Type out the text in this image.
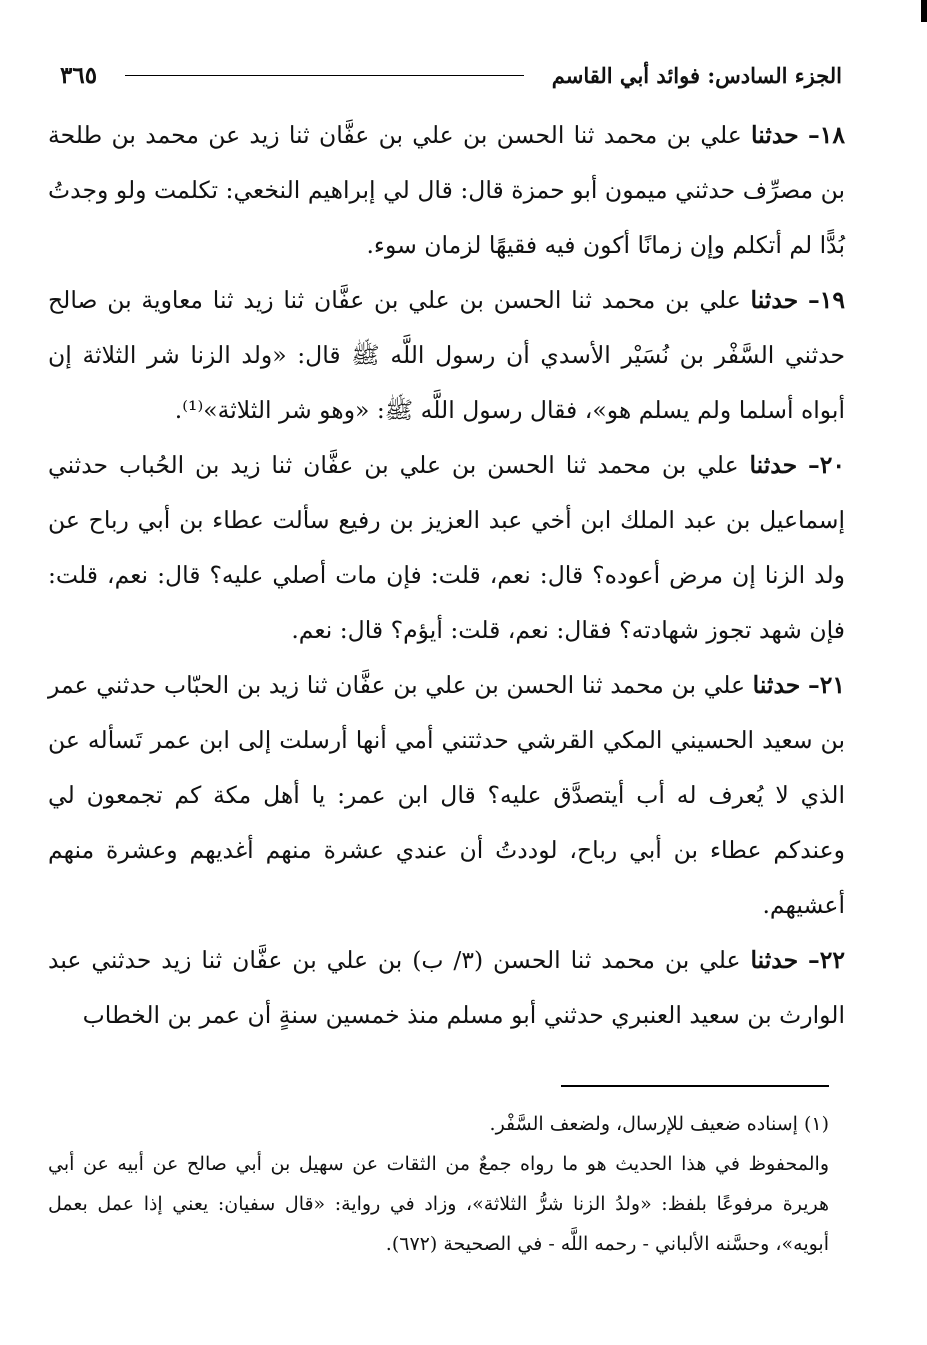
الجزء السادس: فوائد أبي القاسم
٣٦٥

١٨– حدثنا علي بن محمد ثنا الحسن بن علي بن عفَّان ثنا زيد عن محمد بن طلحة بن مصرِّف حدثني ميمون أبو حمزة قال: قال لي إبراهيم النخعي: تكلمت ولو وجدتُ بُدًّا لم أتكلم وإن زمانًا أكون فيه فقيهًا لزمان سوء.

١٩– حدثنا علي بن محمد ثنا الحسن بن علي بن عفَّان ثنا زيد ثنا معاوية بن صالح حدثني السَّفْر بن نُسَيْر الأسدي أن رسول اللَّه ﷺ قال: «ولد الزنا شر الثلاثة إن أبواه أسلما ولم يسلم هو»، فقال رسول اللَّه ﷺ: «وهو شر الثلاثة»⁽¹⁾.

٢٠– حدثنا علي بن محمد ثنا الحسن بن علي بن عفَّان ثنا زيد بن الحُباب حدثني إسماعيل بن عبد الملك ابن أخي عبد العزيز بن رفيع سألت عطاء بن أبي رباح عن ولد الزنا إن مرض أعوده؟ قال: نعم، قلت: فإن مات أصلي عليه؟ قال: نعم، قلت: فإن شهد تجوز شهادته؟ فقال: نعم، قلت: أيؤم؟ قال: نعم.

٢١– حدثنا علي بن محمد ثنا الحسن بن علي بن عفَّان ثنا زيد بن الحبّاب حدثني عمر بن سعيد الحسيني المكي القرشي حدثتني أمي أنها أرسلت إلى ابن عمر تَسأله عن الذي لا يُعرف له أب أيتصدَّق عليه؟ قال ابن عمر: يا أهل مكة كم تجمعون لي وعندكم عطاء بن أبي رباح، لوددتُ أن عندي عشرة منهم أغديهم وعشرة منهم أعشيهم.

٢٢– حدثنا علي بن محمد ثنا الحسن (٣/ ب) بن علي بن عفَّان ثنا زيد حدثني عبد الوارث بن سعيد العنبري حدثني أبو مسلم منذ خمسين سنةٍ أن عمر بن الخطاب

(١) إسناده ضعيف للإرسال، ولضعف السَّفْر.

والمحفوظ في هذا الحديث هو ما رواه جمعٌ من الثقات عن سهيل بن أبي صالح عن أبيه عن أبي هريرة مرفوعًا بلفظ: «ولدُ الزنا شرُّ الثلاثة»، وزاد في رواية: «قال سفيان: يعني إذا عمل بعمل أبويه»، وحسَّنه الألباني - رحمه اللَّه - في الصحيحة (٦٧٢).
